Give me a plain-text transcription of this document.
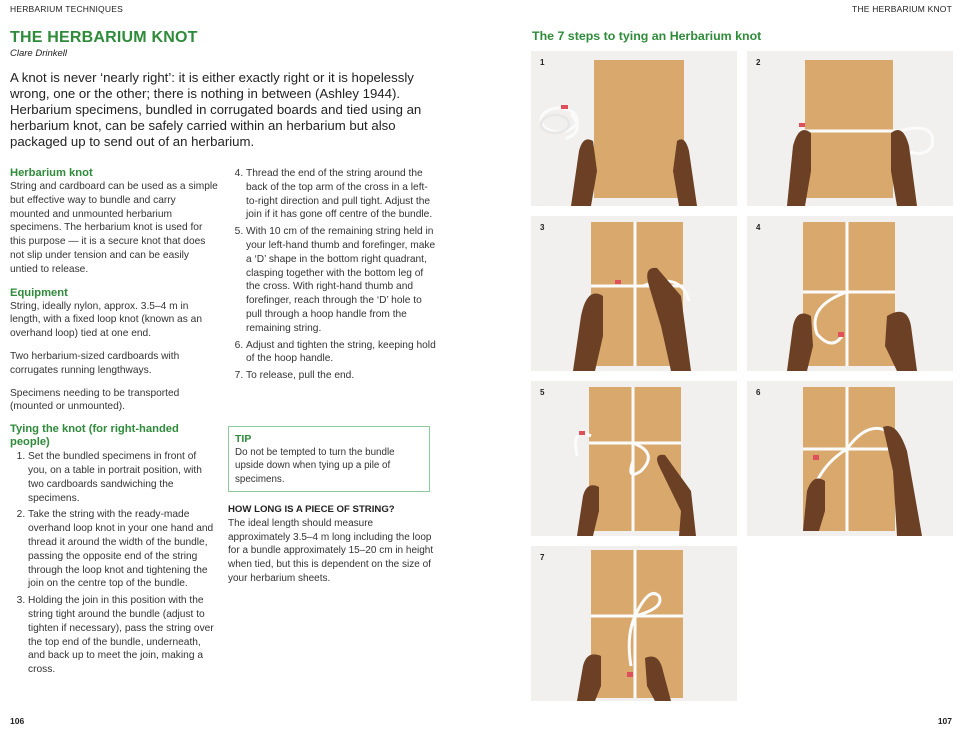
HERBARIUM TECHNIQUES	THE HERBARIUM KNOT
THE HERBARIUM KNOT
Clare Drinkell

A knot is never ‘nearly right’: it is either exactly right or it is hopelessly wrong, one or the other; there is nothing in between (Ashley 1944). Herbarium specimens, bundled in corrugated boards and tied using an herbarium knot, can be safely carried within an herbarium but also packaged up to send out of an herbarium.

Herbarium knot

String and cardboard can be used as a simple but effective way to bundle and carry mounted and unmounted herbarium specimens. The herbarium knot is used for this purpose — it is a secure knot that does not slip under tension and can be easily untied to release.

Equipment

String, ideally nylon, approx. 3.5–4 m in length, with a fixed loop knot (known as an overhand loop) tied at one end.

Two herbarium-sized cardboards with corrugates running lengthways.

Specimens needing to be transported (mounted or unmounted).

Tying the knot (for right-handed people)
1. Set the bundled specimens in front of you, on a table in portrait position, with two cardboards sandwiching the specimens.
2. Take the string with the ready-made overhand loop knot in your one hand and thread it around the width of the bundle, passing the opposite end of the string through the loop knot and tightening the join on the centre top of the bundle.
3. Holding the join in this position with the string tight around the bundle (adjust to tighten if necessary), pass the string over the top end of the bundle, underneath, and back up to meet the join, making a cross.
4. Thread the end of the string around the back of the top arm of the cross in a left-to-right direction and pull tight. Adjust the join if it has gone off centre of the bundle.
5. With 10 cm of the remaining string held in your left-hand thumb and forefinger, make a ‘D’ shape in the bottom right quadrant, clasping together with the bottom leg of the cross. With right-hand thumb and forefinger, reach through the ‘D’ hole to pull through a hoop handle from the remaining string.
6. Adjust and tighten the string, keeping hold of the hoop handle.
7. To release, pull the end.
TIP
Do not be tempted to turn the bundle upside down when tying up a pile of specimens.
HOW LONG IS A PIECE OF STRING?

The ideal length should measure approximately 3.5–4 m long including the loop for a bundle approximately 15–20 cm in height when tied, but this is dependent on the size of your herbarium sheets.

106
The 7 steps to tying an Herbarium knot
1	2
3	4
5	6
7
107
